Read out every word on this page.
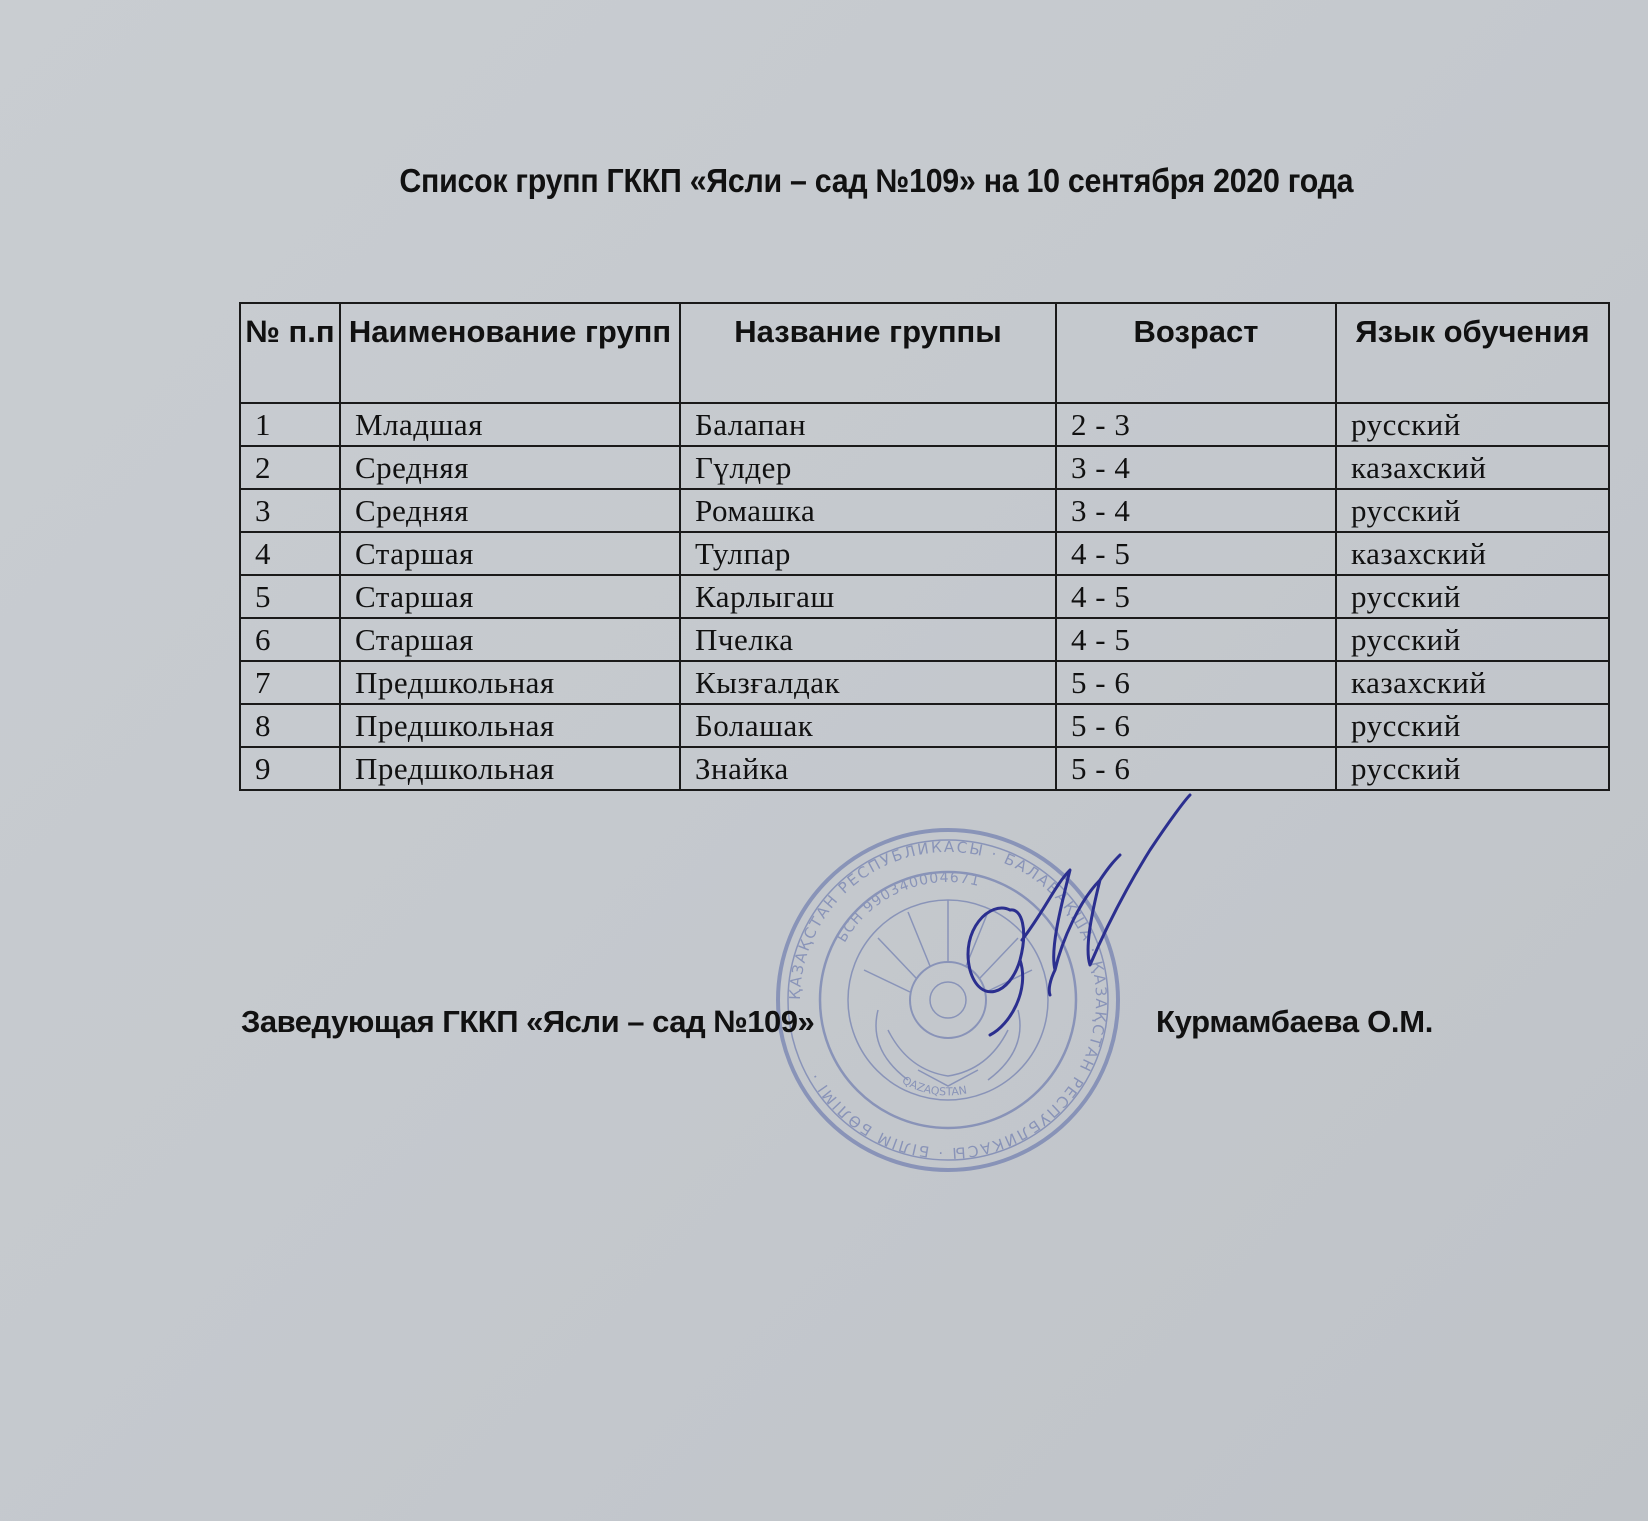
Список групп ГККП «Ясли – сад №109» на 10 сентября 2020 года
№ п.п	Наименование групп	Название группы	Возраст	Язык обучения
1	Младшая	Балапан	2 - 3	русский
2	Средняя	Гүлдер	3 - 4	казахский
3	Средняя	Ромашка	3 - 4	русский
4	Старшая	Тулпар	4 - 5	казахский
5	Старшая	Карлыгаш	4 - 5	русский
6	Старшая	Пчелка	4 - 5	русский
7	Предшкольная	Кызғалдак	5 - 6	казахский
8	Предшкольная	Болашак	5 - 6	русский
9	Предшкольная	Знайка	5 - 6	русский
ҚАЗАҚСТАН РЕСПУБЛИКАСЫ · БАЛАБАҚША · ҚАЗАҚСТАН РЕСПУБЛИКАСЫ · БІЛІМ БӨЛІМІ ·
БСН 990340004671
QAZAQSTAN
Заведующая ГККП «Ясли – сад №109»	Курмамбаева О.М.
